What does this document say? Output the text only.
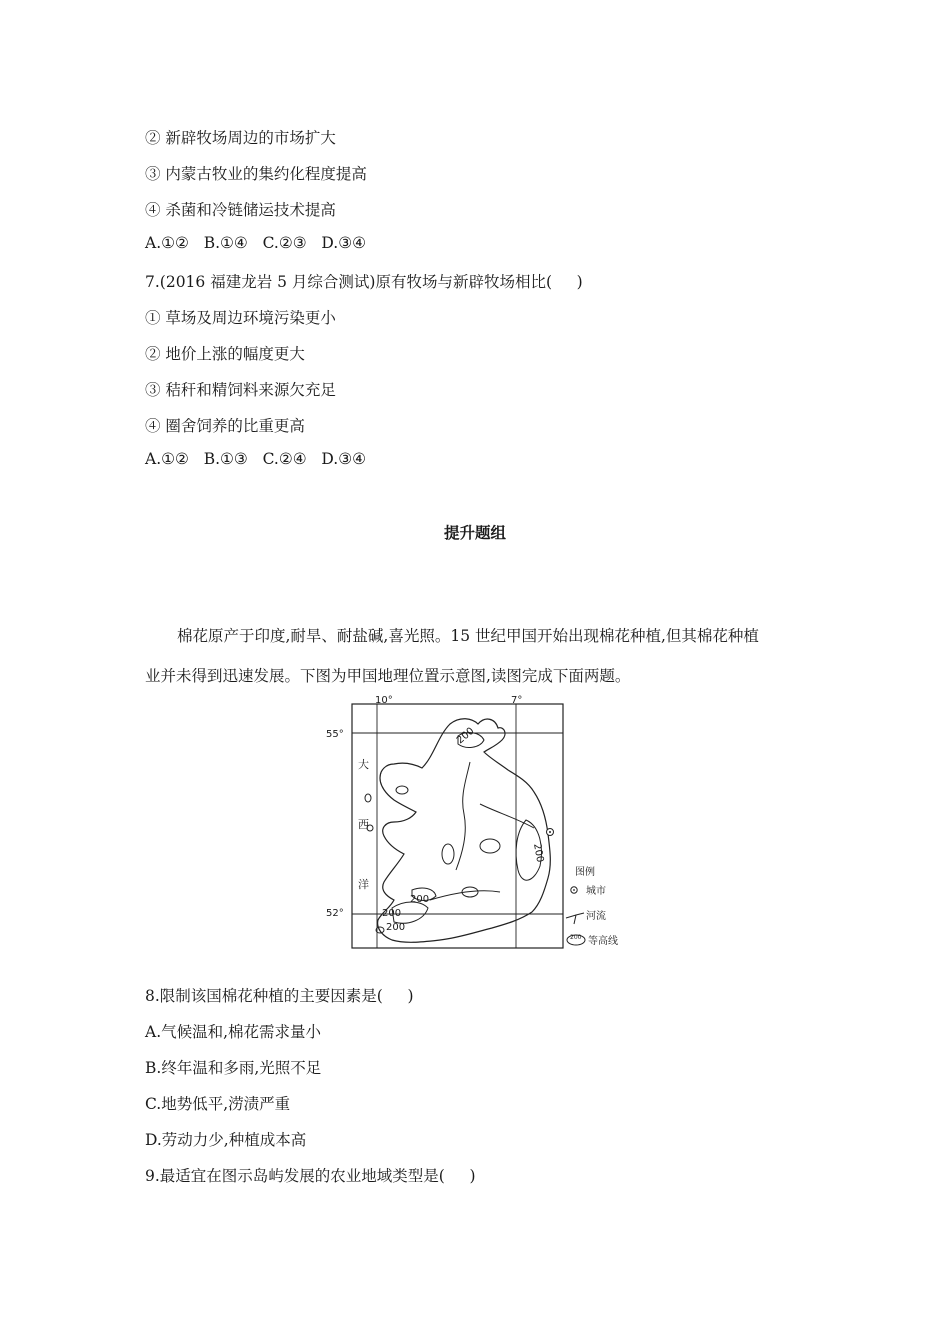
② 新辟牧场周边的市场扩大
③ 内蒙古牧业的集约化程度提高
④ 杀菌和冷链储运技术提高
A.①②   B.①④   C.②③   D.③④
7.(2016 福建龙岩 5 月综合测试)原有牧场与新辟牧场相比(     )
① 草场及周边环境污染更小
② 地价上涨的幅度更大
③ 秸秆和精饲料来源欠充足
④ 圈舍饲养的比重更高
A.①②   B.①③   C.②④   D.③④
提升题组
棉花原产于印度,耐旱、耐盐碱,喜光照。15 世纪甲国开始出现棉花种植,但其棉花种植
业并未得到迅速发展。下图为甲国地理位置示意图,读图完成下面两题。
10°	7°
55°
52°
大
西
洋
200
200
200
200
200
图例
城市
河流
200 等高线
8.限制该国棉花种植的主要因素是(     )
A.气候温和,棉花需求量小
B.终年温和多雨,光照不足
C.地势低平,涝渍严重
D.劳动力少,种植成本高
9.最适宜在图示岛屿发展的农业地域类型是(     )
